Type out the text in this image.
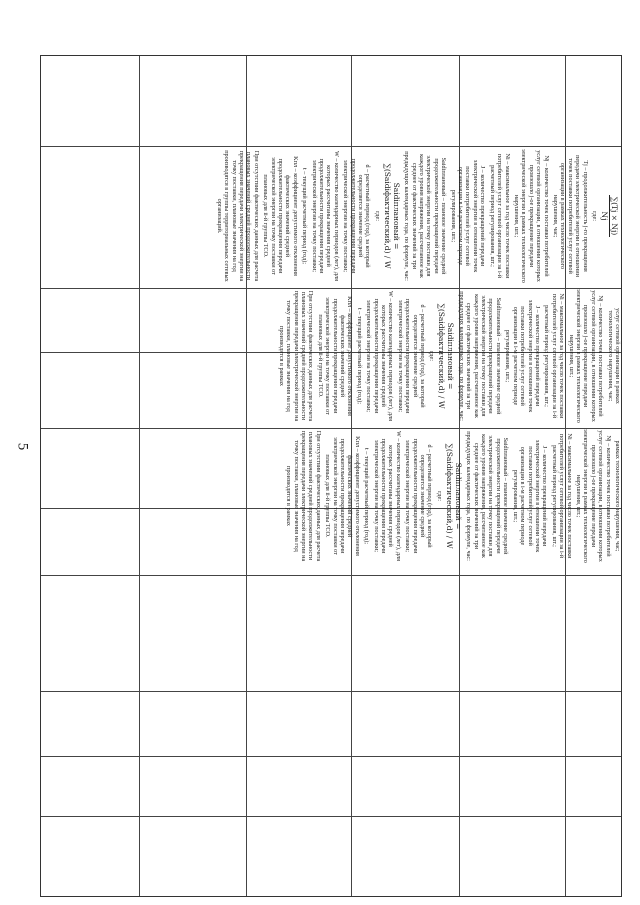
5
∑(Tj × Nj)
Nj

где:

Tj – продолжительность j-го прекращения передачи электрической энергии в отношении точек поставки потребителей услуг сетевой организации в рамках технологического нарушения, час;

Nj – количество точек поставки потребителей услуг сетевой организации, в отношении которых произошло j-ое прекращение передачи электрической энергии в рамках технологического нарушения, шт.;

Ni – максимальное за год число точек поставки потребителей услуг сетевой организации за i-й расчетный период регулирования, шт.;

J – количество прекращений передачи электрической энергии в отношении точек поставки потребителей услуг сетевой организации в i-м расчетном периоде регулирования, шт.;

Saidiплановый – плановое значение средней продолжительности прекращений передачи электрической энергии на точку поставки для каждого уровня напряжения, рассчитанное как среднее от фактических значений за три предыдущих календарных года, по формуле, час:

Saidiплановый = ∑(Saidiфактический,d) / W

где:

d – расчетный период (год), за который определяется значение средней продолжительности прекращения передачи электрической энергии на точку поставки;

W – количество календарных периодов (лет), для которых рассчитаны значения средней продолжительности прекращения передачи электрической энергии на точку поставки;

t – текущий расчетный период (год);

Kпл – коэффициент допустимого отклонения фактических значений средней продолжительности прекращения передачи электрической энергии на точку поставки от плановых для ii-й группы ТСО.

При отсутствии фактических данных для расчета плановых значений средней продолжительности прекращения передачи электрической энергии на точку поставки, плановые значения на год производятся в группы территориальных сетевых организаций.

услуг сетевой организации в рамках технологического нарушения, час;

Nj – количество точек поставки потребителей услуг сетевой организации, в отношении которых произошло j-ое прекращение передачи электрической энергии в рамках технологического нарушения, шт.;

Ni – максимальное за год число точек поставки потребителей услуг сетевой организации за i-й расчетный период регулирования, шт.;

J – количество прекращений передачи электрической энергии в отношении точек поставки потребителей услуг сетевой организации в i-м расчетном периоде регулирования, шт.;

Saidiплановый – плановое значение средней продолжительности прекращений передачи электрической энергии на точку поставки для каждого уровня напряжения, рассчитанное как среднее от фактических значений за три предыдущих календарных года, по формуле, час:

Saidiплановый = ∑(Saidiфактический,d) / W

где:

d – расчетный период (год), за который определяется значение средней продолжительности прекращения передачи электрической энергии на точку поставки;

W – количество календарных периодов (лет), для которых рассчитаны значения средней продолжительности прекращения передачи электрической энергии на точку поставки;

t – текущий расчетный период (год);

Kпл – коэффициент допустимого отклонения фактических значений средней продолжительности прекращения передачи электрической энергии на точку поставки от плановых для ii-й группы ТСО.

При отсутствии фактических данных для расчета плановых значений средней продолжительности прекращения передачи электрической энергии на точку поставки, плановые значения на год производятся в рамках

рамках технологического нарушения, час;

Nj – количество точек поставки потребителей услуг сетевой организации, в отношении которых произошло j-ое прекращение передачи электрической энергии в рамках технологического нарушения, шт.;

Ni – максимальное за год число точек поставки потребителей услуг сетевой организации за i-й расчетный период регулирования, шт.;

J – количество прекращений передачи электрической энергии в отношении точек поставки потребителей услуг сетевой организации в i-м расчетном периоде регулирования, шт.;

Saidiплановый – плановое значение средней продолжительности прекращений передачи электрической энергии на точку поставки для каждого уровня напряжения, рассчитанное как среднее от фактических значений за три предыдущих календарных года, по формуле, час:

Saidiплановый = ∑(Saidiфактический,d) / W

где:

d – расчетный период (год), за который определяется значение средней продолжительности прекращения передачи электрической энергии на точку поставки;

W – количество календарных периодов (лет), для которых рассчитаны значения средней продолжительности прекращения передачи электрической энергии на точку поставки;

t – текущий расчетный период (год);

Kпл – коэффициент допустимого отклонения фактических значений средней продолжительности прекращения передачи электрической энергии на точку поставки от плановых для ii-й группы ТСО.

При отсутствии фактических данных для расчета плановых значений средней продолжительности прекращения передачи электрической энергии на точку поставки, плановые значения на год производятся в рамках
